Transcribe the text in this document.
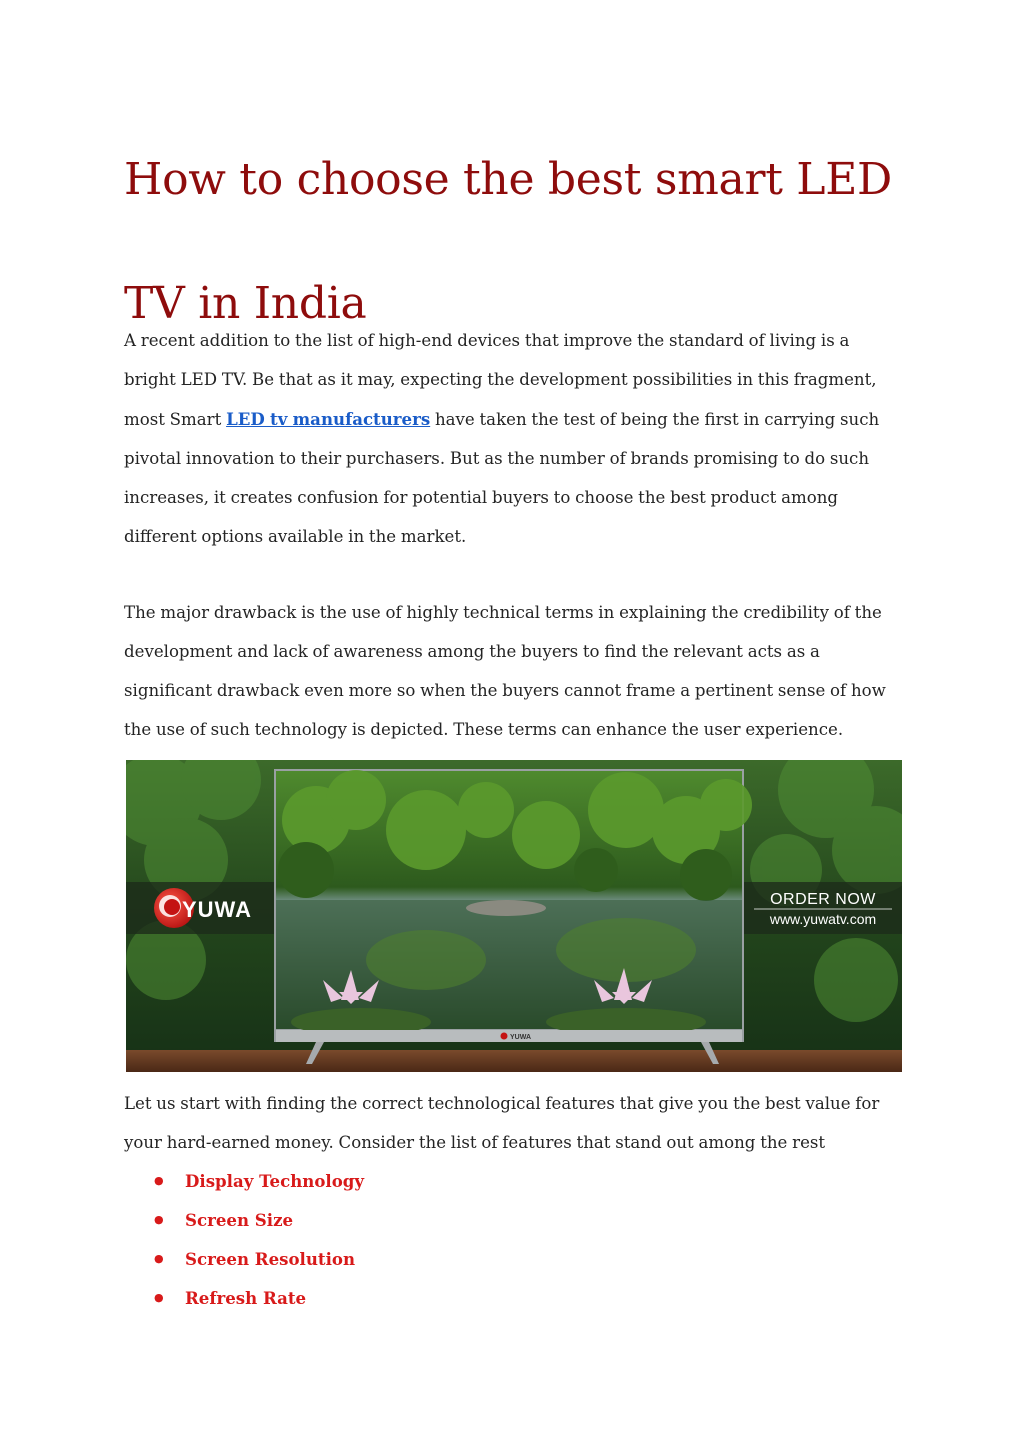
How to choose the best smart LED
TV in India

A recent addition to the list of high-end devices that improve the standard of living is a
bright LED TV. Be that as it may, expecting the development possibilities in this fragment,
most Smart LED tv manufacturers have taken the test of being the first in carrying such
pivotal innovation to their purchasers. But as the number of brands promising to do such
increases, it creates confusion for potential buyers to choose the best product among
different options available in the market.

The major drawback is the use of highly technical terms in explaining the credibility of the
development and lack of awareness among the buyers to find the relevant acts as a
significant drawback even more so when the buyers cannot frame a pertinent sense of how
the use of such technology is depicted. These terms can enhance the user experience.

YUWA	ORDER NOW
www.yuwatv.com
YUWA

Let us start with finding the correct technological features that give you the best value for
your hard-earned money. Consider the list of features that stand out among the rest

● Display Technology
● Screen Size
● Screen Resolution
● Refresh Rate
